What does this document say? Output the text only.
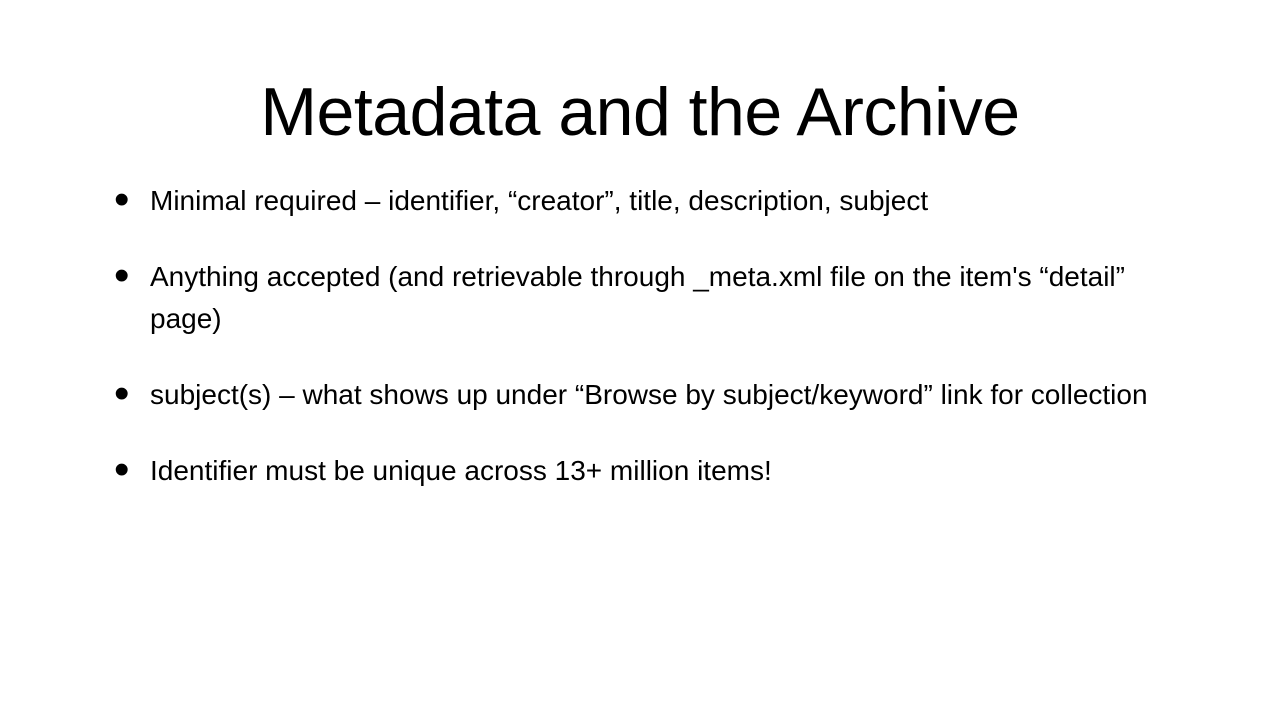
Metadata and the Archive
• Minimal required – identifier, “creator”, title, description, subject
• Anything accepted (and retrievable through _meta.xml file on the item's “detail” page)
• subject(s) – what shows up under “Browse by subject/keyword” link for collection
• Identifier must be unique across 13+ million items!
